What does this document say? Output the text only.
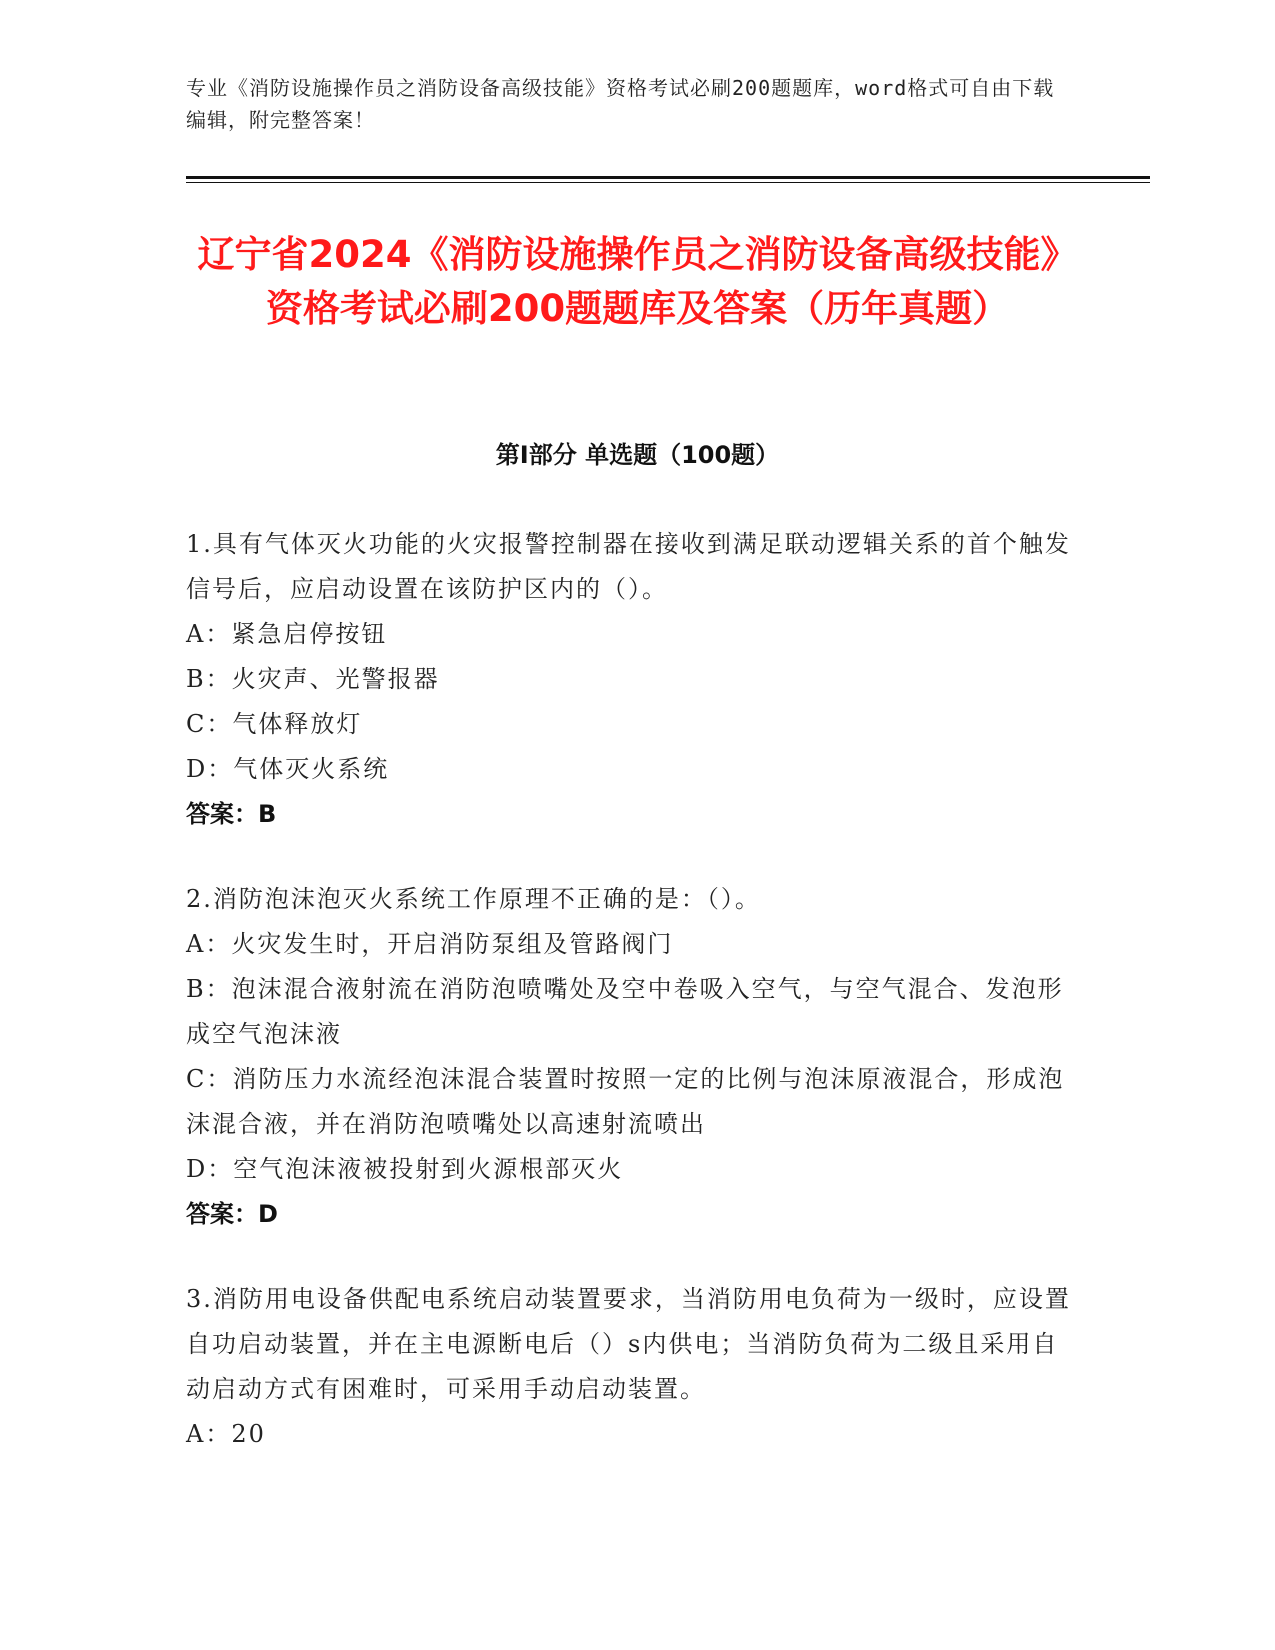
专业《消防设施操作员之消防设备高级技能》资格考试必刷200题题库，word格式可自由下载编辑，附完整答案！
辽宁省2024《消防设施操作员之消防设备高级技能》资格考试必刷200题题库及答案（历年真题）
第I部分 单选题（100题）

1.具有气体灭火功能的火灾报警控制器在接收到满足联动逻辑关系的首个触发信号后，应启动设置在该防护区内的（）。

A：紧急启停按钮

B：火灾声、光警报器

C：气体释放灯

D：气体灭火系统

答案：B

2.消防泡沫泡灭火系统工作原理不正确的是：（）。

A：火灾发生时，开启消防泵组及管路阀门

B：泡沫混合液射流在消防泡喷嘴处及空中卷吸入空气，与空气混合、发泡形成空气泡沫液

C：消防压力水流经泡沫混合装置时按照一定的比例与泡沫原液混合，形成泡沫混合液，并在消防泡喷嘴处以高速射流喷出

D：空气泡沫液被投射到火源根部灭火

答案：D

3.消防用电设备供配电系统启动装置要求，当消防用电负荷为一级时，应设置自功启动装置，并在主电源断电后（）s内供电；当消防负荷为二级且采用自动启动方式有困难时，可采用手动启动装置。

A：20
